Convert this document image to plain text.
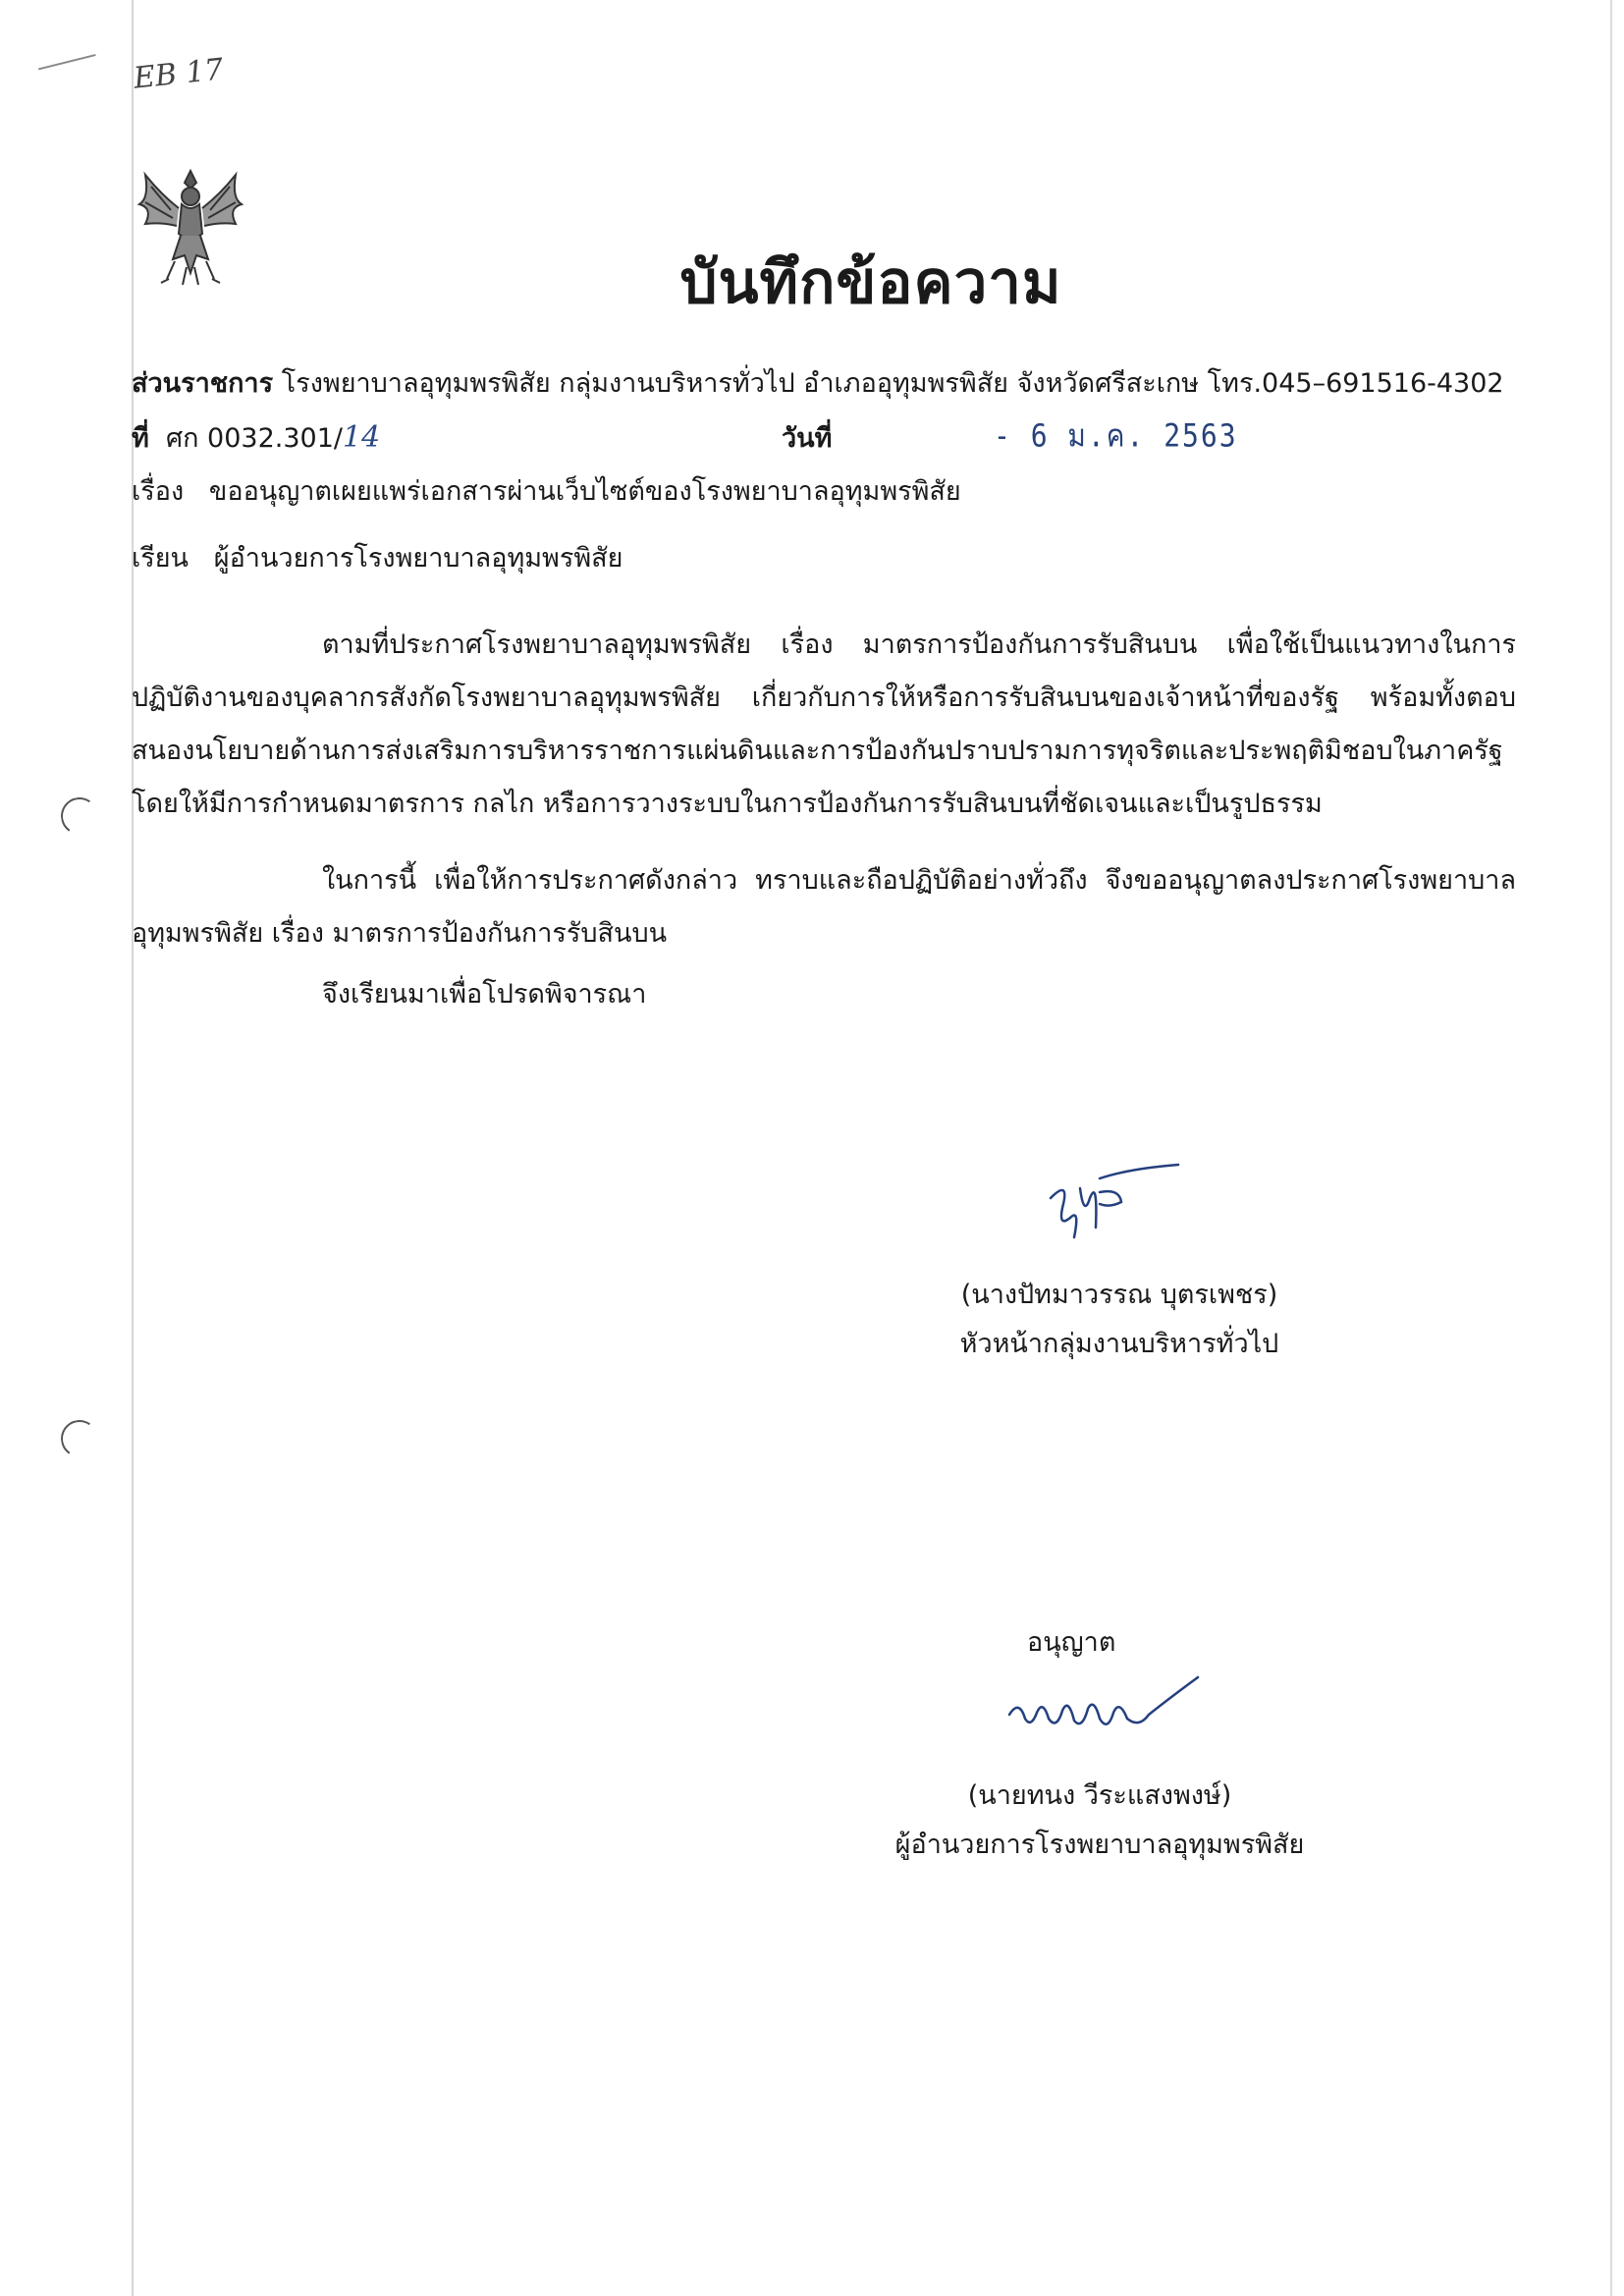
EB 17
บันทึกข้อความ
ส่วนราชการ โรงพยาบาลอุทุมพรพิสัย กลุ่มงานบริหารทั่วไป อำเภออุทุมพรพิสัย จังหวัดศรีสะเกษ โทร.045–691516-4302
ที่ ศก 0032.301/14	วันที่	- 6 ม.ค. 2563
เรื่อง ขออนุญาตเผยแพร่เอกสารผ่านเว็บไซต์ของโรงพยาบาลอุทุมพรพิสัย
เรียน ผู้อำนวยการโรงพยาบาลอุทุมพรพิสัย
ตามที่ประกาศโรงพยาบาลอุทุมพรพิสัย เรื่อง มาตรการป้องกันการรับสินบน เพื่อใช้เป็นแนวทางในการปฏิบัติงานของบุคลากรสังกัดโรงพยาบาลอุทุมพรพิสัย เกี่ยวกับการให้หรือการรับสินบนของเจ้าหน้าที่ของรัฐ พร้อมทั้งตอบสนองนโยบายด้านการส่งเสริมการบริหารราชการแผ่นดินและการป้องกันปราบปรามการทุจริตและประพฤติมิชอบในภาครัฐ โดยให้มีการกำหนดมาตรการ กลไก หรือการวางระบบในการป้องกันการรับสินบนที่ชัดเจนและเป็นรูปธรรม
ในการนี้ เพื่อให้การประกาศดังกล่าว ทราบและถือปฏิบัติอย่างทั่วถึง จึงขออนุญาตลงประกาศโรงพยาบาลอุทุมพรพิสัย เรื่อง มาตรการป้องกันการรับสินบน
จึงเรียนมาเพื่อโปรดพิจารณา
(นางปัทมาวรรณ บุตรเพชร)
หัวหน้ากลุ่มงานบริหารทั่วไป
อนุญาต
(นายทนง วีระแสงพงษ์)
ผู้อำนวยการโรงพยาบาลอุทุมพรพิสัย
